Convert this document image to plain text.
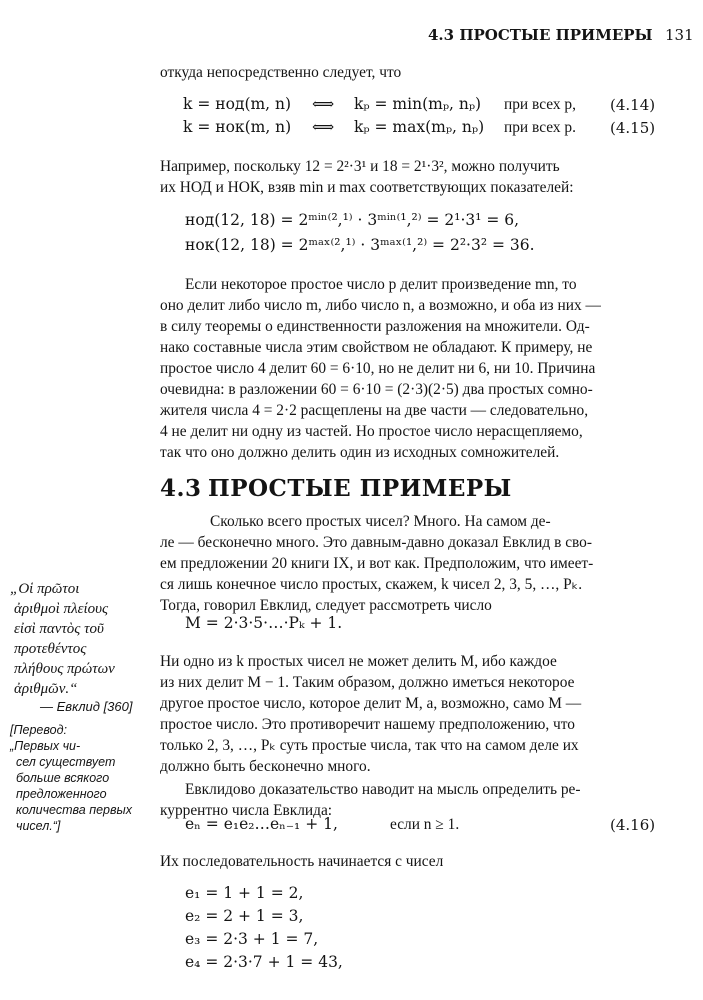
4.3 ПРОСТЫЕ ПРИМЕРЫ 131
откуда непосредственно следует, что
k = нод(m, n) ⟺ kₚ = min(mₚ, nₚ) при всех p, (4.14)
k = нок(m, n) ⟺ kₚ = max(mₚ, nₚ) при всех p. (4.15)
Например, поскольку 12 = 2²·3¹ и 18 = 2¹·3², можно получить
их НОД и НОК, взяв min и max соответствующих показателей:
нод(12, 18) = 2ᵐⁱⁿ⁽²,¹⁾ · 3ᵐⁱⁿ⁽¹,²⁾ = 2¹·3¹ = 6,
нок(12, 18) = 2ᵐᵃˣ⁽²,¹⁾ · 3ᵐᵃˣ⁽¹,²⁾ = 2²·3² = 36.
Если некоторое простое число p делит произведение mn, то
оно делит либо число m, либо число n, а возможно, и оба из них —
в силу теоремы о единственности разложения на множители. Од-
нако составные числа этим свойством не обладают. К примеру, не
простое число 4 делит 60 = 6·10, но не делит ни 6, ни 10. Причина
очевидна: в разложении 60 = 6·10 = (2·3)(2·5) два простых сомно-
жителя числа 4 = 2·2 расщеплены на две части — следовательно,
4 не делит ни одну из частей. Но простое число нерасщепляемо,
так что оно должно делить один из исходных сомножителей.
4.3 ПРОСТЫЕ ПРИМЕРЫ
Сколько всего простых чисел? Много. На самом де-
ле — бесконечно много. Это давным-давно доказал Евклид в сво-
ем предложении 20 книги IX, и вот как. Предположим, что имеет-
ся лишь конечное число простых, скажем, k чисел 2, 3, 5, …, Pₖ.
Тогда, говорил Евклид, следует рассмотреть число
M = 2·3·5·…·Pₖ + 1.
Ни одно из k простых чисел не может делить M, ибо каждое
из них делит M − 1. Таким образом, должно иметься некоторое
другое простое число, которое делит M, а, возможно, само M —
простое число. Это противоречит нашему предположению, что
только 2, 3, …, Pₖ суть простые числа, так что на самом деле их
должно быть бесконечно много.
Евклидово доказательство наводит на мысль определить ре-
куррентно числа Евклида:
eₙ = e₁e₂…eₙ₋₁ + 1,	если n ≥ 1.	(4.16)
Их последовательность начинается с чисел
e₁ = 1 + 1 = 2,
e₂ = 2 + 1 = 3,
e₃ = 2·3 + 1 = 7,
e₄ = 2·3·7 + 1 = 43,
„Οἱ πρῶτοι
ἀριθμοὶ πλείους
εἰσὶ παντὸς τοῦ
προτεθέντος
πλήθους πρώτων
ἀριθμῶν.“
— Евклид [360]
[Перевод:
„Первых чи-
сел существует
больше всякого
предложенного
количества первых
чисел.“]
